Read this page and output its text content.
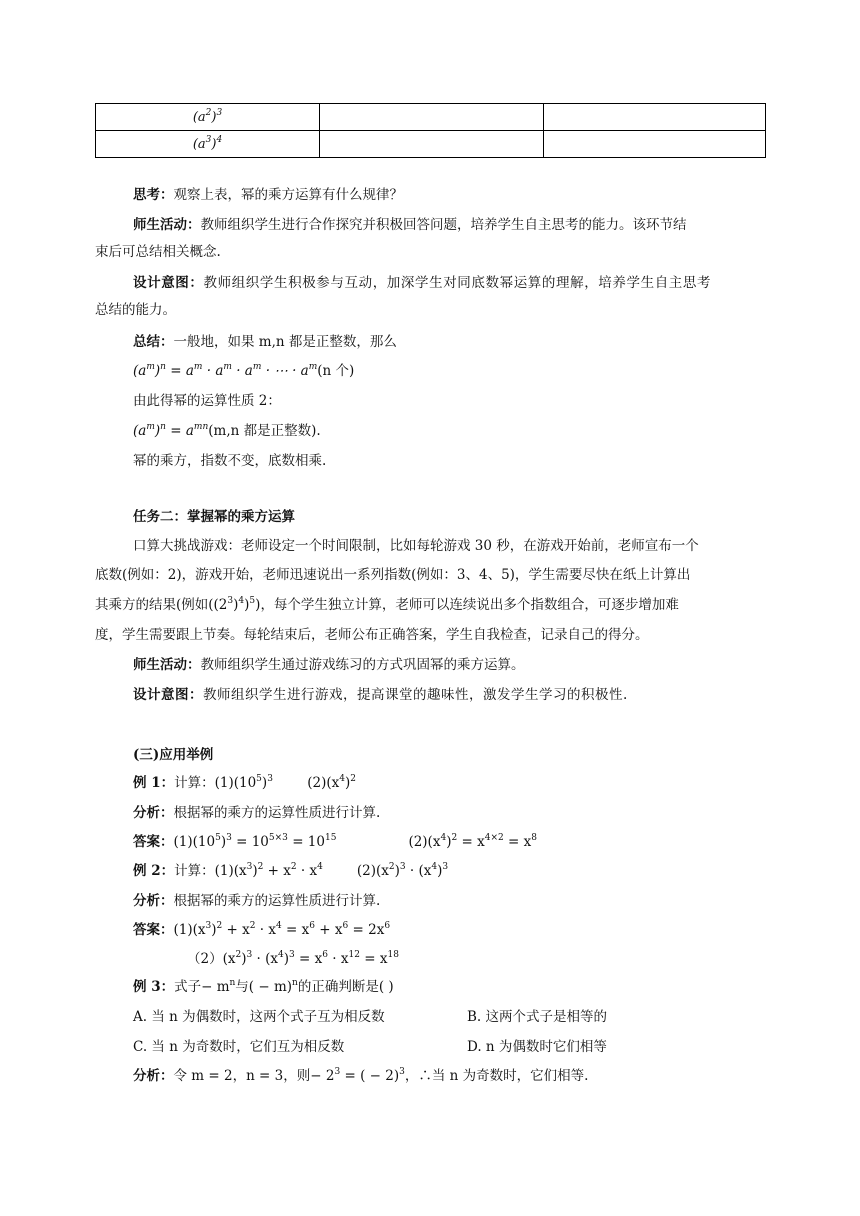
$(a^2)^3$		
$(a^3)^4$		
思考：观察上表，幂的乘方运算有什么规律？
师生活动：教师组织学生进行合作探究并积极回答问题，培养学生自主思考的能力。该环节结
束后可总结相关概念.
设计意图：教师组织学生积极参与互动，加深学生对同底数幂运算的理解，培养学生自主思考
总结的能力。
总结：一般地，如果 m,n 都是正整数，那么
$(a^m)^n = a^m \cdot a^m \cdot a^m$ · ⋯ · $a^m(n$ 个)
由此得幂的运算性质 2：
$(a^m)^n = a^{mn}(m,n$ 都是正整数).
幂的乘方，指数不变，底数相乘.
任务二：掌握幂的乘方运算
口算大挑战游戏：老师设定一个时间限制，比如每轮游戏 30 秒，在游戏开始前，老师宣布一个
底数(例如：2)，游戏开始，老师迅速说出一系列指数(例如：3、4、5)，学生需要尽快在纸上计算出
其乘方的结果(例如$((2^3)^4)^5$)，每个学生独立计算，老师可以连续说出多个指数组合，可逐步增加难
度，学生需要跟上节奏。每轮结束后，老师公布正确答案，学生自我检查，记录自己的得分。
师生活动：教师组织学生通过游戏练习的方式巩固幂的乘方运算。
设计意图：教师组织学生进行游戏，提高课堂的趣味性，激发学生学习的积极性.
(三)应用举例
例 1：计算：$(1)(10^5)^3$        $(2)(x^4)^2$
分析：根据幂的乘方的运算性质进行计算.
答案：$(1)(10^5)^3 = 10^{5\times 3} = 10^{15}$	$(2)(x^4)^2 = x^{4\times 2} = x^8$
例 2：计算：$(1)(x^3)^2 + x^2 \cdot x^4$	$(2)(x^2)^3 \cdot (x^4)^3$
分析：根据幂的乘方的运算性质进行计算.
答案：$(1)(x^3)^2 + x^2 \cdot x^4 = x^6 + x^6 = 2x^6$
$(2)(x^2)^3 \cdot (x^4)^3 = x^6 \cdot x^{12} = x^{18}$
例 3：式子− $m^n$与( − m)$^n$的正确判断是( )
A. 当 n 为偶数时，这两个式子互为相反数	B. 这两个式子是相等的
C. 当 n 为奇数时，它们互为相反数	D. n 为偶数时它们相等
分析：令 m = 2，n = 3，则− $2^3$ = ( − 2)$^3$，∴当 n 为奇数时，它们相等.
